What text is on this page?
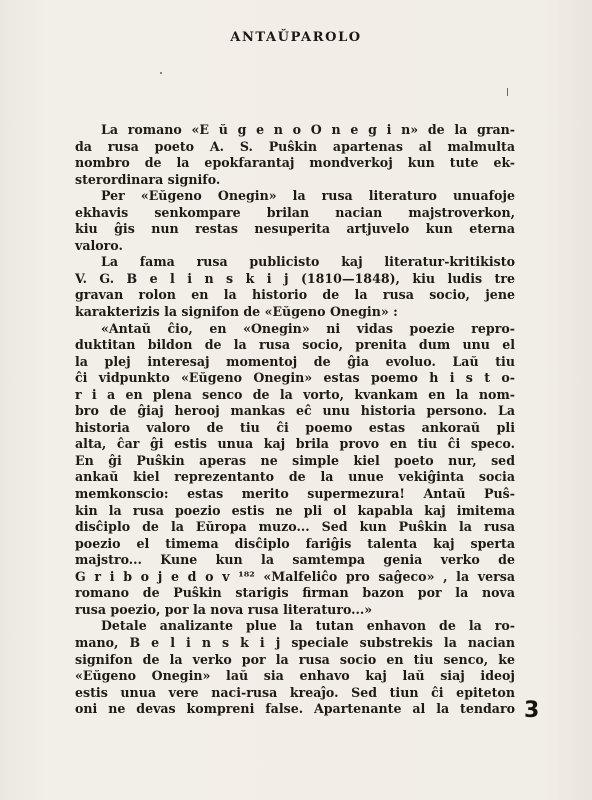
ANTAŬPAROLO
La romano «E ŭ g e n o O n e g i n» de la gran-
da rusa poeto A. S. Puŝkin apartenas al malmulta
nombro de la epokfarantaj mondverkoj kun tute ek-
sterordinara signifo.
Per «Eŭgeno Onegin» la rusa literaturo unuafoje
ekhavis senkompare brilan nacian majstroverkon,
kiu ĝis nun restas nesuperita artjuvelo kun eterna
valoro.
La fama rusa publicisto kaj literatur-kritikisto
V. G. B e l i n s k i j (1810—1848), kiu ludis tre
gravan rolon en la historio de la rusa socio, jene
karakterizis la signifon de «Eŭgeno Onegin» :
«Antaŭ ĉio, en «Onegin» ni vidas poezie repro-
duktitan bildon de la rusa socio, prenita dum unu el
la plej interesaj momentoj de ĝia evoluo. Laŭ tiu
ĉi vidpunkto «Eŭgeno Onegin» estas poemo h i s t o-
r i a en plena senco de la vorto, kvankam en la nom-
bro de ĝiaj herooj mankas eĉ unu historia persono. La
historia valoro de tiu ĉi poemo estas ankoraŭ pli
alta, ĉar ĝi estis unua kaj brila provo en tiu ĉi speco.
En ĝi Puŝkin aperas ne simple kiel poeto nur, sed
ankaŭ kiel reprezentanto de la unue vekiĝinta socia
memkonscio: estas merito supermezura! Antaŭ Puŝ-
kin la rusa poezio estis ne pli ol kapabla kaj imitema
disĉiplo de la Eŭropa muzo... Sed kun Puŝkin la rusa
poezio el timema disĉiplo fariĝis talenta kaj sperta
majstro... Kune kun la samtempa genia verko de
G r i b o j e d o v ¹⁸² «Malfeliĉo pro saĝeco» , la versa
romano de Puŝkin starigis firman bazon por la nova
rusa poezio, por la nova rusa literaturo...»
Detale analizante plue la tutan enhavon de la ro-
mano, B e l i n s k i j speciale substrekis la nacian
signifon de la verko por la rusa socio en tiu senco, ke
«Eŭgeno Onegin» laŭ sia enhavo kaj laŭ siaj ideoj
estis unua vere naci-rusa kreaĵo. Sed tiun ĉi epiteton
oni ne devas kompreni false. Apartenante al la tendaro 3
